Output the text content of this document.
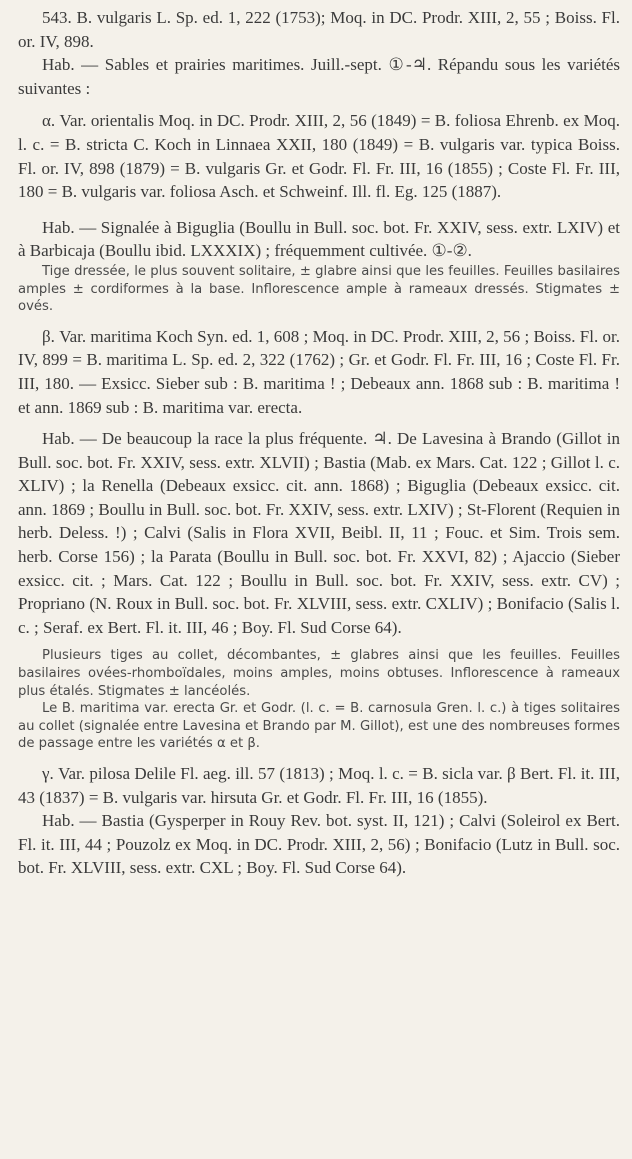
543. B. vulgaris L. Sp. ed. 1, 222 (1753); Moq. in DC. Prodr. XIII, 2, 55 ; Boiss. Fl. or. IV, 898.

Hab. — Sables et prairies maritimes. Juill.-sept. ①-♃. Répandu sous les variétés suivantes :

α. Var. orientalis Moq. in DC. Prodr. XIII, 2, 56 (1849) = B. foliosa Ehrenb. ex Moq. l. c. = B. stricta C. Koch in Linnaea XXII, 180 (1849) = B. vulgaris var. typica Boiss. Fl. or. IV, 898 (1879) = B. vulgaris Gr. et Godr. Fl. Fr. III, 16 (1855) ; Coste Fl. Fr. III, 180 = B. vulgaris var. foliosa Asch. et Schweinf. Ill. fl. Eg. 125 (1887).

Hab. — Signalée à Biguglia (Boullu in Bull. soc. bot. Fr. XXIV, sess. extr. LXIV) et à Barbicaja (Boullu ibid. LXXXIX) ; fréquemment cultivée. ①-②.

Tige dressée, le plus souvent solitaire, ± glabre ainsi que les feuilles. Feuilles basilaires amples ± cordiformes à la base. Inflorescence ample à rameaux dressés. Stigmates ± ovés.

β. Var. maritima Koch Syn. ed. 1, 608 ; Moq. in DC. Prodr. XIII, 2, 56 ; Boiss. Fl. or. IV, 899 = B. maritima L. Sp. ed. 2, 322 (1762) ; Gr. et Godr. Fl. Fr. III, 16 ; Coste Fl. Fr. III, 180. — Exsicc. Sieber sub : B. maritima ! ; Debeaux ann. 1868 sub : B. maritima ! et ann. 1869 sub : B. maritima var. erecta.

Hab. — De beaucoup la race la plus fréquente. ♃. De Lavesina à Brando (Gillot in Bull. soc. bot. Fr. XXIV, sess. extr. XLVII) ; Bastia (Mab. ex Mars. Cat. 122 ; Gillot l. c. XLIV) ; la Renella (Debeaux exsicc. cit. ann. 1868) ; Biguglia (Debeaux exsicc. cit. ann. 1869 ; Boullu in Bull. soc. bot. Fr. XXIV, sess. extr. LXIV) ; St-Florent (Requien in herb. Deless. !) ; Calvi (Salis in Flora XVII, Beibl. II, 11 ; Fouc. et Sim. Trois sem. herb. Corse 156) ; la Parata (Boullu in Bull. soc. bot. Fr. XXVI, 82) ; Ajaccio (Sieber exsicc. cit. ; Mars. Cat. 122 ; Boullu in Bull. soc. bot. Fr. XXIV, sess. extr. CV) ; Propriano (N. Roux in Bull. soc. bot. Fr. XLVIII, sess. extr. CXLIV) ; Bonifacio (Salis l. c. ; Seraf. ex Bert. Fl. it. III, 46 ; Boy. Fl. Sud Corse 64).

Plusieurs tiges au collet, décombantes, ± glabres ainsi que les feuilles. Feuilles basilaires ovées-rhomboïdales, moins amples, moins obtuses. Inflorescence à rameaux plus étalés. Stigmates ± lancéolés.

Le B. maritima var. erecta Gr. et Godr. (l. c. = B. carnosula Gren. l. c.) à tiges solitaires au collet (signalée entre Lavesina et Brando par M. Gillot), est une des nombreuses formes de passage entre les variétés α et β.

γ. Var. pilosa Delile Fl. aeg. ill. 57 (1813) ; Moq. l. c. = B. sicla var. β Bert. Fl. it. III, 43 (1837) = B. vulgaris var. hirsuta Gr. et Godr. Fl. Fr. III, 16 (1855).

Hab. — Bastia (Gysperper in Rouy Rev. bot. syst. II, 121) ; Calvi (Soleirol ex Bert. Fl. it. III, 44 ; Pouzolz ex Moq. in DC. Prodr. XIII, 2, 56) ; Bonifacio (Lutz in Bull. soc. bot. Fr. XLVIII, sess. extr. CXL ; Boy. Fl. Sud Corse 64).
